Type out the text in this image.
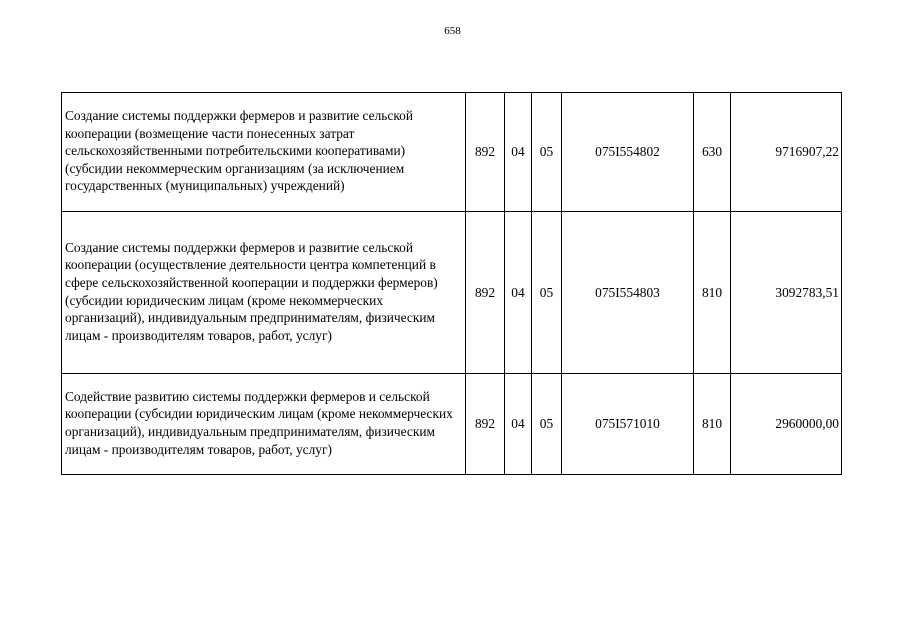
658
Создание системы поддержки фермеров и развитие сельской кооперации (возмещение части понесенных затрат сельскохозяйственными потребительскими кооперативами) (субсидии некоммерческим организациям (за исключением государственных (муниципальных) учреждений)	892	04	05	075I554802	630	9716907,22
Создание системы поддержки фермеров и развитие сельской кооперации (осуществление деятельности центра компетенций в сфере сельскохозяйственной кооперации и поддержки фермеров) (субсидии юридическим лицам (кроме некоммерческих организаций), индивидуальным предпринимателям, физическим лицам - производителям товаров, работ, услуг)	892	04	05	075I554803	810	3092783,51
Содействие развитию системы поддержки фермеров и сельской кооперации (субсидии юридическим лицам (кроме некоммерческих организаций), индивидуальным предпринимателям, физическим лицам - производителям товаров, работ, услуг)	892	04	05	075I571010	810	2960000,00
